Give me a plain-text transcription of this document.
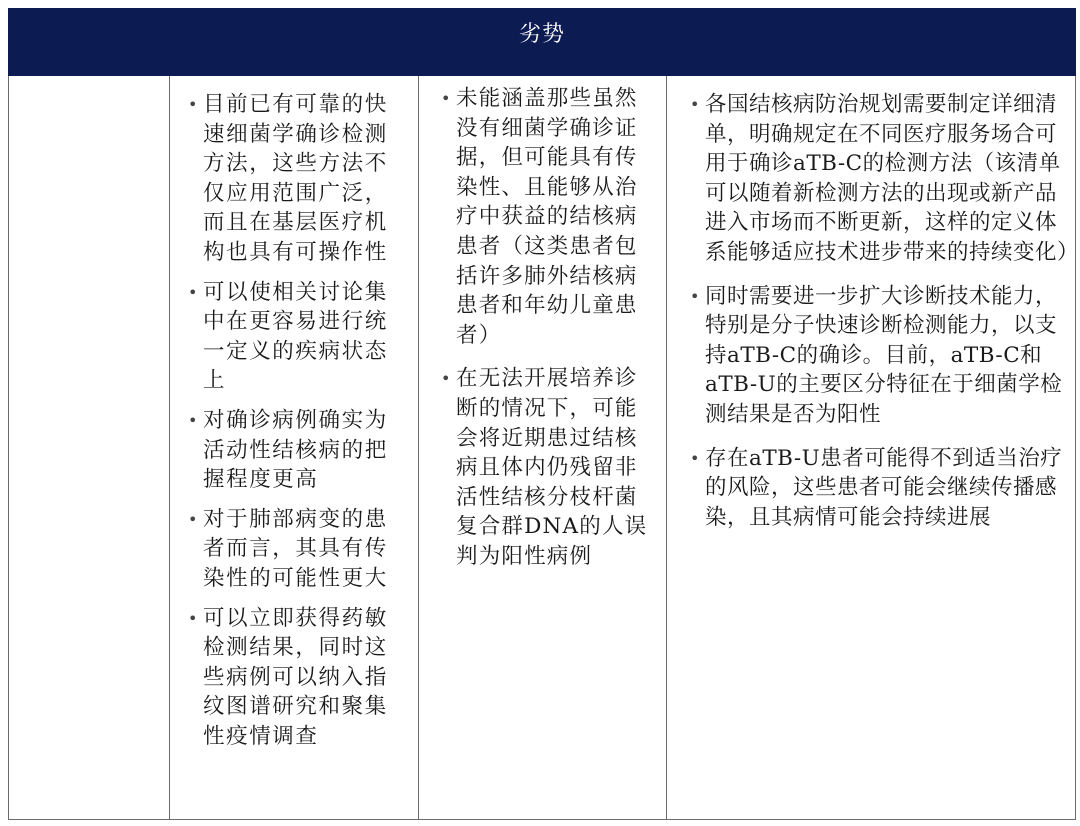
劣势
• 目前已有可靠的快速细菌学确诊检测方法，这些方法不仅应用范围广泛，而且在基层医疗机构也具有可操作性
• 可以使相关讨论集中在更容易进行统一定义的疾病状态上
• 对确诊病例确实为活动性结核病的把握程度更高
• 对于肺部病变的患者而言，其具有传染性的可能性更大
• 可以立即获得药敏检测结果，同时这些病例可以纳入指纹图谱研究和聚集性疫情调查
• 未能涵盖那些虽然没有细菌学确诊证据，但可能具有传染性、且能够从治疗中获益的结核病患者（这类患者包括许多肺外结核病患者和年幼儿童患者）
• 在无法开展培养诊断的情况下，可能会将近期患过结核病且体内仍残留非活性结核分枝杆菌复合群DNA的人误判为阳性病例
• 各国结核病防治规划需要制定详细清单，明确规定在不同医疗服务场合可用于确诊aTB-C的检测方法（该清单可以随着新检测方法的出现或新产品进入市场而不断更新，这样的定义体系能够适应技术进步带来的持续变化）
• 同时需要进一步扩大诊断技术能力，特别是分子快速诊断检测能力，以支持aTB-C的确诊。目前，aTB-C和aTB-U的主要区分特征在于细菌学检测结果是否为阳性
• 存在aTB-U患者可能得不到适当治疗的风险，这些患者可能会继续传播感染，且其病情可能会持续进展
